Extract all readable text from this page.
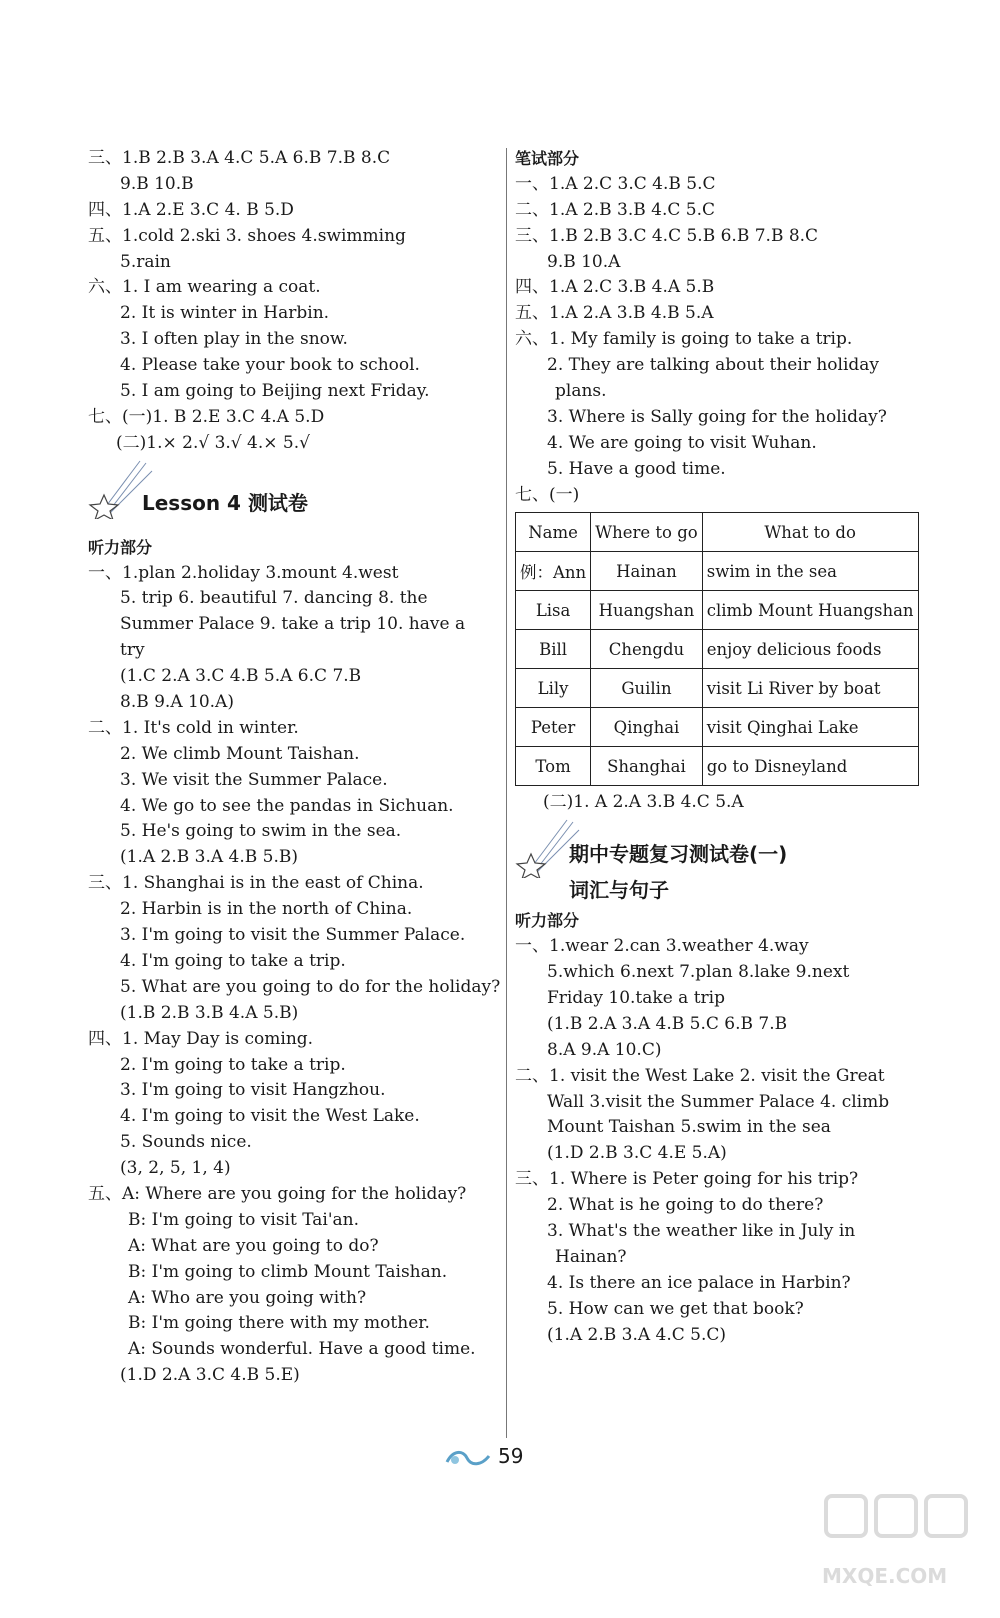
三、1.B 2.B 3.A 4.C 5.A 6.B 7.B 8.C
9.B 10.B
四、1.A 2.E 3.C 4. B 5.D
五、1.cold 2.ski 3. shoes 4.swimming
5.rain
六、1. I am wearing a coat.
2. It is winter in Harbin.
3. I often play in the snow.
4. Please take your book to school.
5. I am going to Beijing next Friday.
七、(一)1. B 2.E 3.C 4.A 5.D
(二)1.× 2.√ 3.√ 4.× 5.√
Lesson 4 测试卷
听力部分
一、1.plan 2.holiday 3.mount 4.west
5. trip 6. beautiful 7. dancing 8. the
Summer Palace 9. take a trip 10. have a
try
(1.C 2.A 3.C 4.B 5.A 6.C 7.B
8.B 9.A 10.A)
二、1. It's cold in winter.
2. We climb Mount Taishan.
3. We visit the Summer Palace.
4. We go to see the pandas in Sichuan.
5. He's going to swim in the sea.
(1.A 2.B 3.A 4.B 5.B)
三、1. Shanghai is in the east of China.
2. Harbin is in the north of China.
3. I'm going to visit the Summer Palace.
4. I'm going to take a trip.
5. What are you going to do for the holiday?
(1.B 2.B 3.B 4.A 5.B)
四、1. May Day is coming.
2. I'm going to take a trip.
3. I'm going to visit Hangzhou.
4. I'm going to visit the West Lake.
5. Sounds nice.
(3, 2, 5, 1, 4)
五、A: Where are you going for the holiday?
B: I'm going to visit Tai'an.
A: What are you going to do?
B: I'm going to climb Mount Taishan.
A: Who are you going with?
B: I'm going there with my mother.
A: Sounds wonderful. Have a good time.
(1.D 2.A 3.C 4.B 5.E)
笔试部分
一、1.A 2.C 3.C 4.B 5.C
二、1.A 2.B 3.B 4.C 5.C
三、1.B 2.B 3.C 4.C 5.B 6.B 7.B 8.C
9.B 10.A
四、1.A 2.C 3.B 4.A 5.B
五、1.A 2.A 3.B 4.B 5.A
六、1. My family is going to take a trip.
2. They are talking about their holiday
plans.
3. Where is Sally going for the holiday?
4. We are going to visit Wuhan.
5. Have a good time.
七、(一)
Name	Where to go	What to do
例：Ann	Hainan	swim in the sea
Lisa	Huangshan	climb Mount Huangshan
Bill	Chengdu	enjoy delicious foods
Lily	Guilin	visit Li River by boat
Peter	Qinghai	visit Qinghai Lake
Tom	Shanghai	go to Disneyland
(二)1. A 2.A 3.B 4.C 5.A
期中专题复习测试卷(一)
词汇与句子
听力部分
一、1.wear 2.can 3.weather 4.way
5.which 6.next 7.plan 8.lake 9.next
Friday 10.take a trip
(1.B 2.A 3.A 4.B 5.C 6.B 7.B
8.A 9.A 10.C)
二、1. visit the West Lake 2. visit the Great
Wall 3.visit the Summer Palace 4. climb
Mount Taishan 5.swim in the sea
(1.D 2.B 3.C 4.E 5.A)
三、1. Where is Peter going for his trip?
2. What is he going to do there?
3. What's the weather like in July in
Hainan?
4. Is there an ice palace in Harbin?
5. How can we get that book?
(1.A 2.B 3.A 4.C 5.C)
59
MXQE.COM
